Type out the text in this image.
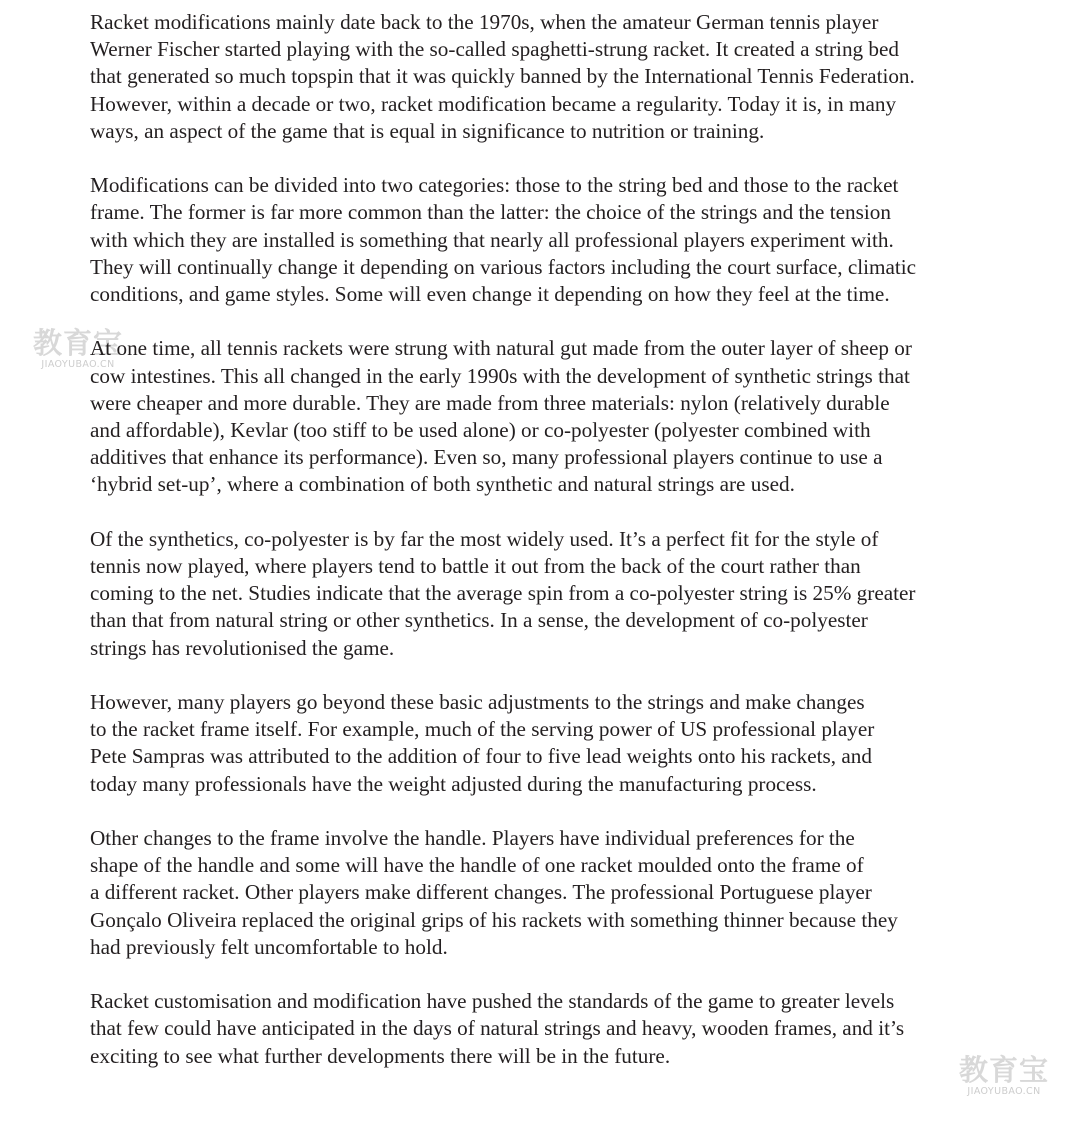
教育宝
JIAOYUBAO.CN

Racket modifications mainly date back to the 1970s, when the amateur German tennis player
Werner Fischer started playing with the so-called spaghetti-strung racket. It created a string bed
that generated so much topspin that it was quickly banned by the International Tennis Federation.
However, within a decade or two, racket modification became a regularity. Today it is, in many
ways, an aspect of the game that is equal in significance to nutrition or training.

Modifications can be divided into two categories: those to the string bed and those to the racket
frame. The former is far more common than the latter: the choice of the strings and the tension
with which they are installed is something that nearly all professional players experiment with.
They will continually change it depending on various factors including the court surface, climatic
conditions, and game styles. Some will even change it depending on how they feel at the time.

At one time, all tennis rackets were strung with natural gut made from the outer layer of sheep or
cow intestines. This all changed in the early 1990s with the development of synthetic strings that
were cheaper and more durable. They are made from three materials: nylon (relatively durable
and affordable), Kevlar (too stiff to be used alone) or co-polyester (polyester combined with
additives that enhance its performance). Even so, many professional players continue to use a
‘hybrid set-up’, where a combination of both synthetic and natural strings are used.

Of the synthetics, co-polyester is by far the most widely used. It’s a perfect fit for the style of
tennis now played, where players tend to battle it out from the back of the court rather than
coming to the net. Studies indicate that the average spin from a co-polyester string is 25% greater
than that from natural string or other synthetics. In a sense, the development of co-polyester
strings has revolutionised the game.

However, many players go beyond these basic adjustments to the strings and make changes
to the racket frame itself. For example, much of the serving power of US professional player
Pete Sampras was attributed to the addition of four to five lead weights onto his rackets, and
today many professionals have the weight adjusted during the manufacturing process.

Other changes to the frame involve the handle. Players have individual preferences for the
shape of the handle and some will have the handle of one racket moulded onto the frame of
a different racket. Other players make different changes. The professional Portuguese player
Gonçalo Oliveira replaced the original grips of his rackets with something thinner because they
had previously felt uncomfortable to hold.

Racket customisation and modification have pushed the standards of the game to greater levels
that few could have anticipated in the days of natural strings and heavy, wooden frames, and it’s
exciting to see what further developments there will be in the future.	教育宝
JIAOYUBAO.CN
